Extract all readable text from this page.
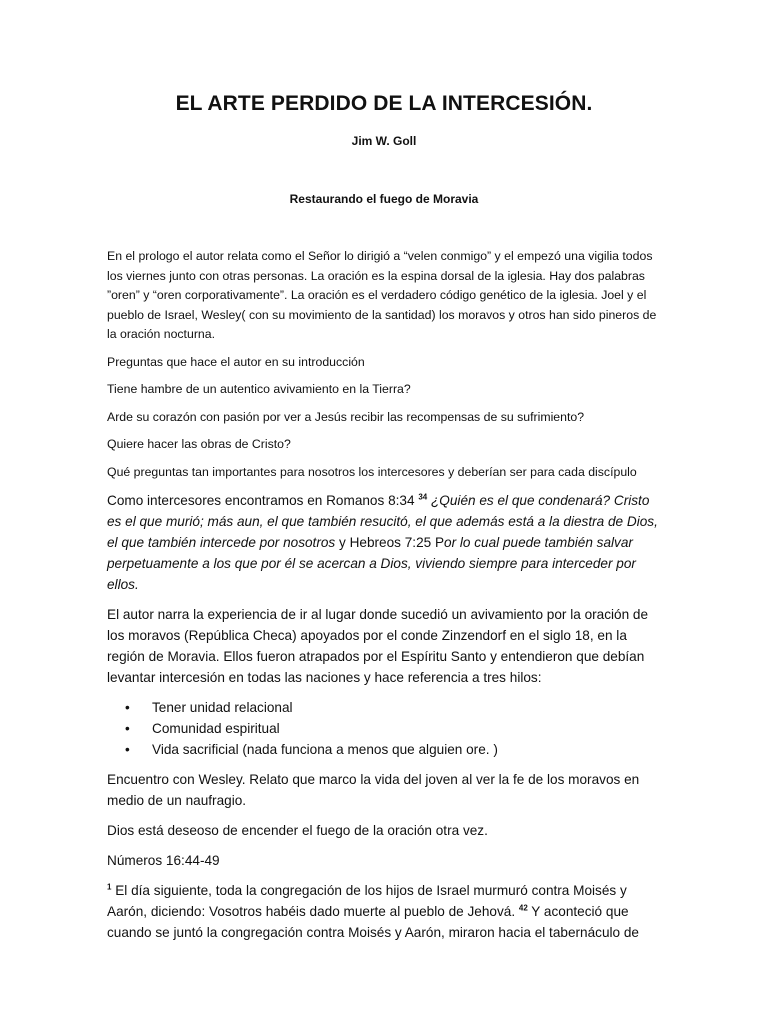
EL ARTE PERDIDO DE LA INTERCESIÓN.
Jim W. Goll
Restaurando el fuego de Moravia

En el prologo el autor relata como el Señor lo dirigió a “velen conmigo” y el empezó una vigilia todos los viernes junto con otras personas. La oración es la espina dorsal de la iglesia. Hay dos palabras ”oren” y “oren corporativamente”. La oración es el verdadero código genético de la iglesia. Joel y el pueblo de Israel, Wesley( con su movimiento de la santidad) los moravos y otros han sido pineros de la oración nocturna.

Preguntas que hace el autor en su introducción

Tiene hambre de un autentico avivamiento en la Tierra?

Arde su corazón con pasión por ver a Jesús recibir las recompensas de su sufrimiento?

Quiere hacer las obras de Cristo?

Qué preguntas tan importantes para nosotros los intercesores y deberían ser para cada discípulo

Como intercesores encontramos en Romanos 8:34 $^{34}$ ¿Quién es el que condenará? Cristo es el que murió; más aun, el que también resucitó, el que además está a la diestra de Dios, el que también intercede por nosotros y Hebreos 7:25 Por lo cual puede también salvar perpetuamente a los que por él se acercan a Dios, viviendo siempre para interceder por ellos.

El autor narra la experiencia de ir al lugar donde sucedió un avivamiento por la oración de los moravos (República Checa) apoyados por el conde Zinzendorf en el siglo 18, en la región de Moravia. Ellos fueron atrapados por el Espíritu Santo y entendieron que debían levantar intercesión en todas las naciones y hace referencia a tres hilos:

• Tener unidad relacional
• Comunidad espiritual
• Vida sacrificial (nada funciona a menos que alguien ore. )

Encuentro con Wesley. Relato que marco la vida del joven al ver la fe de los moravos en medio de un naufragio.

Dios está deseoso de encender el fuego de la oración otra vez.

Números 16:44-49

$^1$ El día siguiente, toda la congregación de los hijos de Israel murmuró contra Moisés y Aarón, diciendo: Vosotros habéis dado muerte al pueblo de Jehová. $^{42}$ Y aconteció que cuando se juntó la congregación contra Moisés y Aarón, miraron hacia el tabernáculo de
